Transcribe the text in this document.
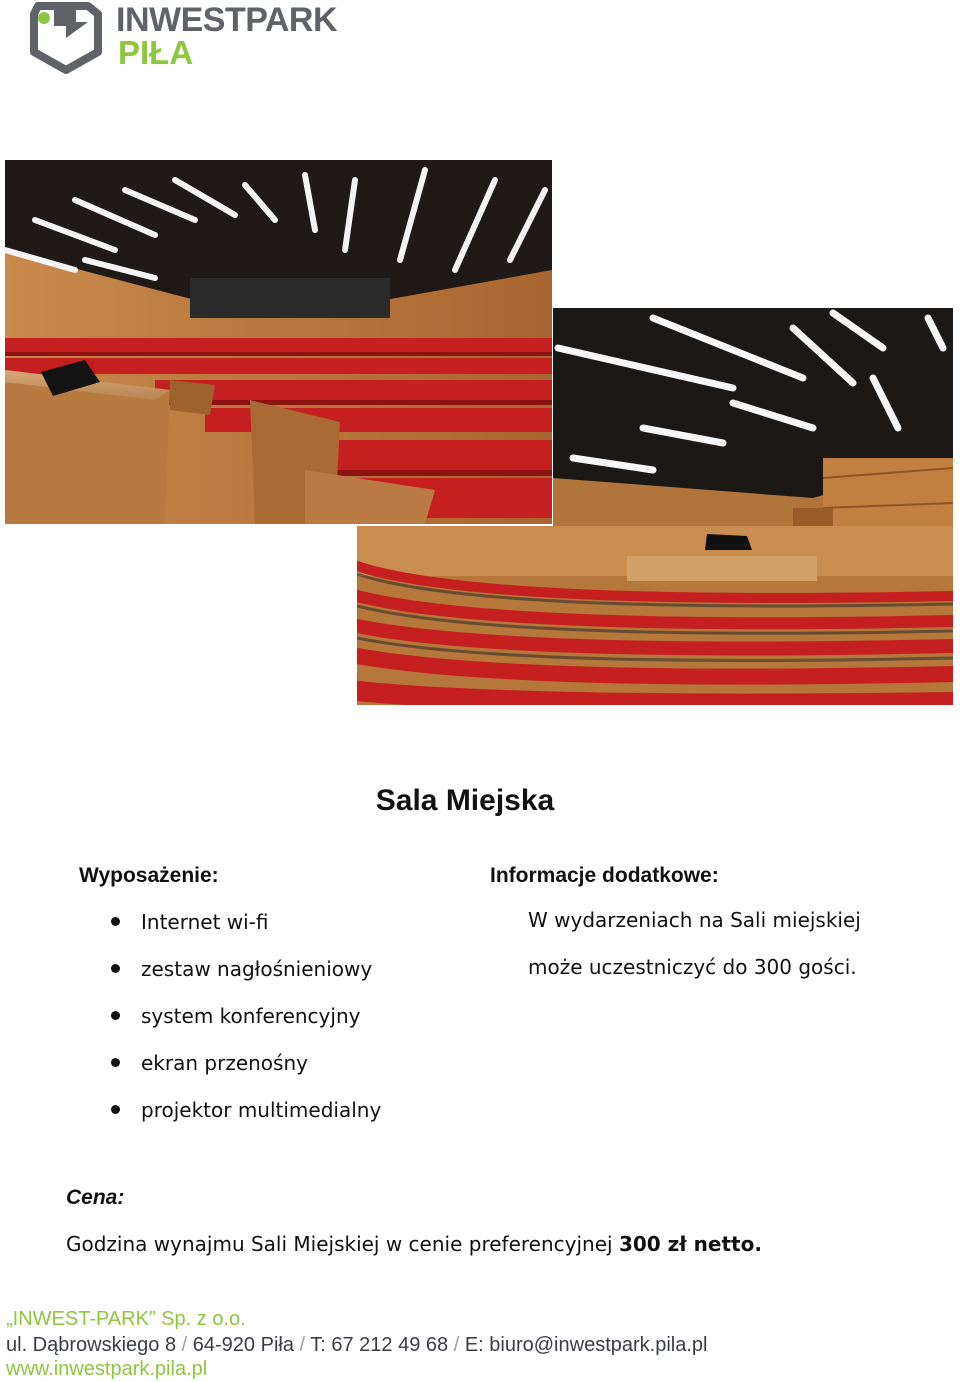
INWESTPARK
PIŁA
Sala Miejska
Wyposażenie:
Internet wi-fi
zestaw nagłośnieniowy
system konferencyjny
ekran przenośny
projektor multimedialny
Informacje dodatkowe:
W wydarzeniach na Sali miejskiej
może uczestniczyć do 300 gości.
Cena:
Godzina wynajmu Sali Miejskiej w cenie preferencyjnej 300 zł netto.
„INWEST-PARK” Sp. z o.o.
ul. Dąbrowskiego 8 / 64-920 Piła / T: 67 212 49 68 / E: biuro@inwestpark.pila.pl
www.inwestpark.pila.pl
